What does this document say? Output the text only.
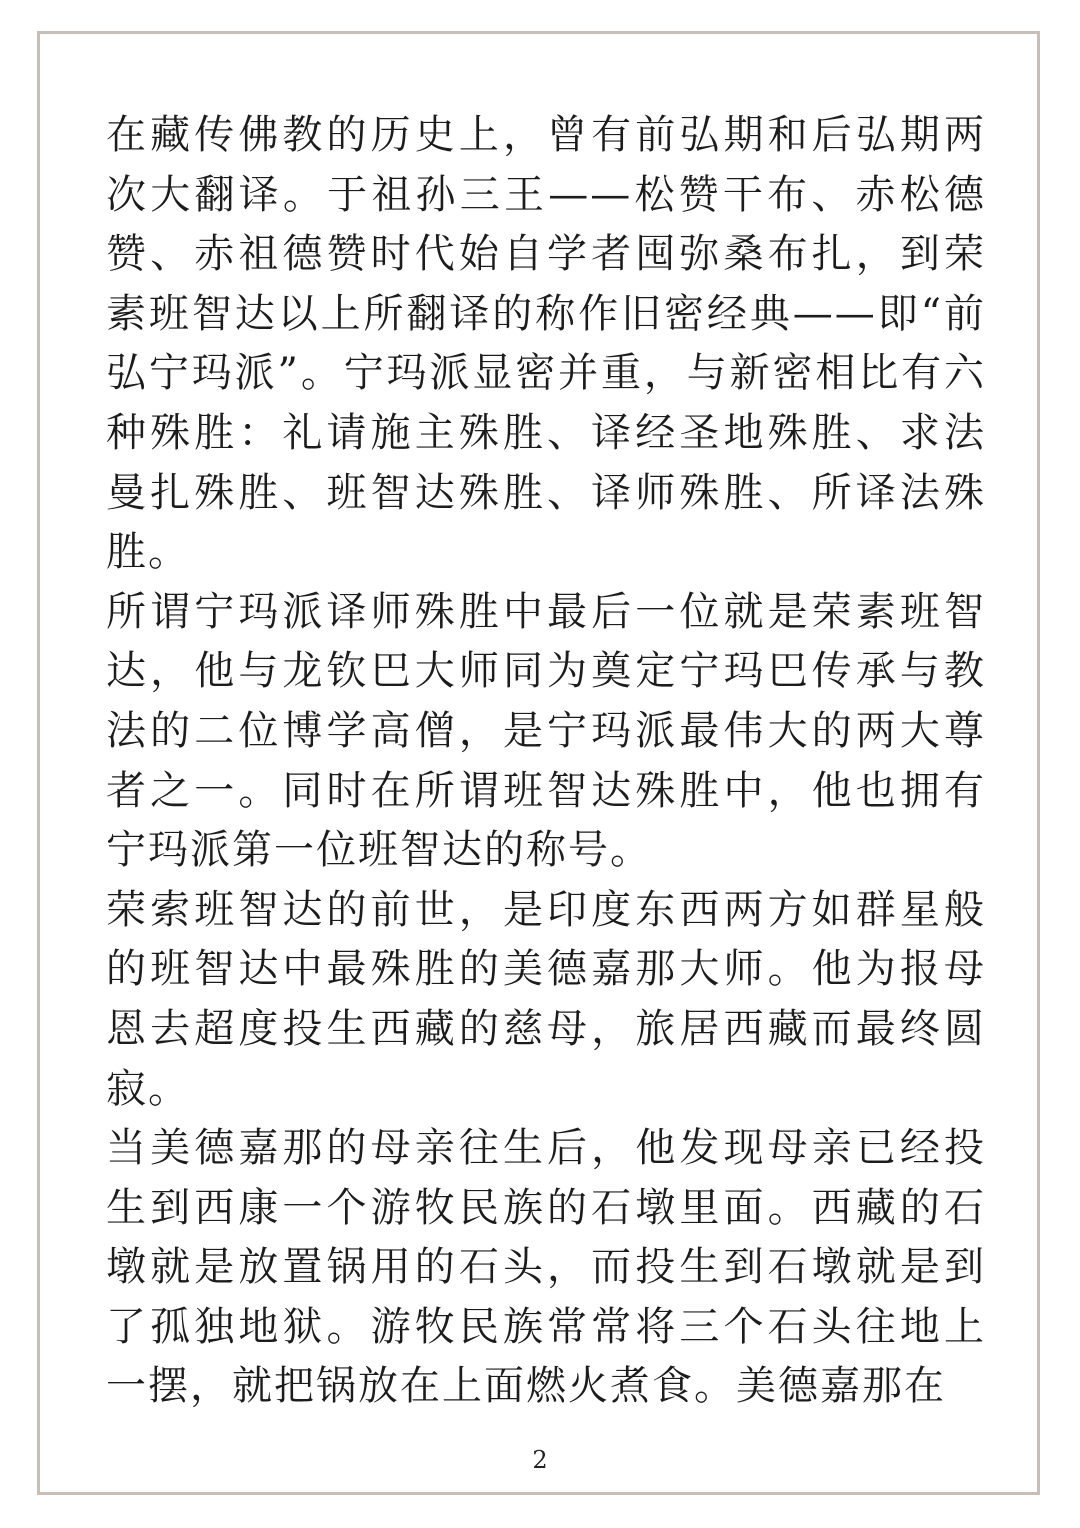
在藏传佛教的历史上，曾有前弘期和后弘期两次大翻译。于祖孙三王——松赞干布、赤松德赞、赤祖德赞时代始自学者囤弥桑布扎，到荣素班智达以上所翻译的称作旧密经典——即“前弘宁玛派”。宁玛派显密并重，与新密相比有六种殊胜：礼请施主殊胜、译经圣地殊胜、求法曼扎殊胜、班智达殊胜、译师殊胜、所译法殊胜。

所谓宁玛派译师殊胜中最后一位就是荣素班智达，他与龙钦巴大师同为奠定宁玛巴传承与教法的二位博学高僧，是宁玛派最伟大的两大尊者之一。同时在所谓班智达殊胜中，他也拥有宁玛派第一位班智达的称号。

荣索班智达的前世，是印度东西两方如群星般的班智达中最殊胜的美德嘉那大师。他为报母恩去超度投生西藏的慈母，旅居西藏而最终圆寂。

当美德嘉那的母亲往生后，他发现母亲已经投生到西康一个游牧民族的石墩里面。西藏的石墩就是放置锅用的石头，而投生到石墩就是到了孤独地狱。游牧民族常常将三个石头往地上一摆，就把锅放在上面燃火煮食。美德嘉那在

2
